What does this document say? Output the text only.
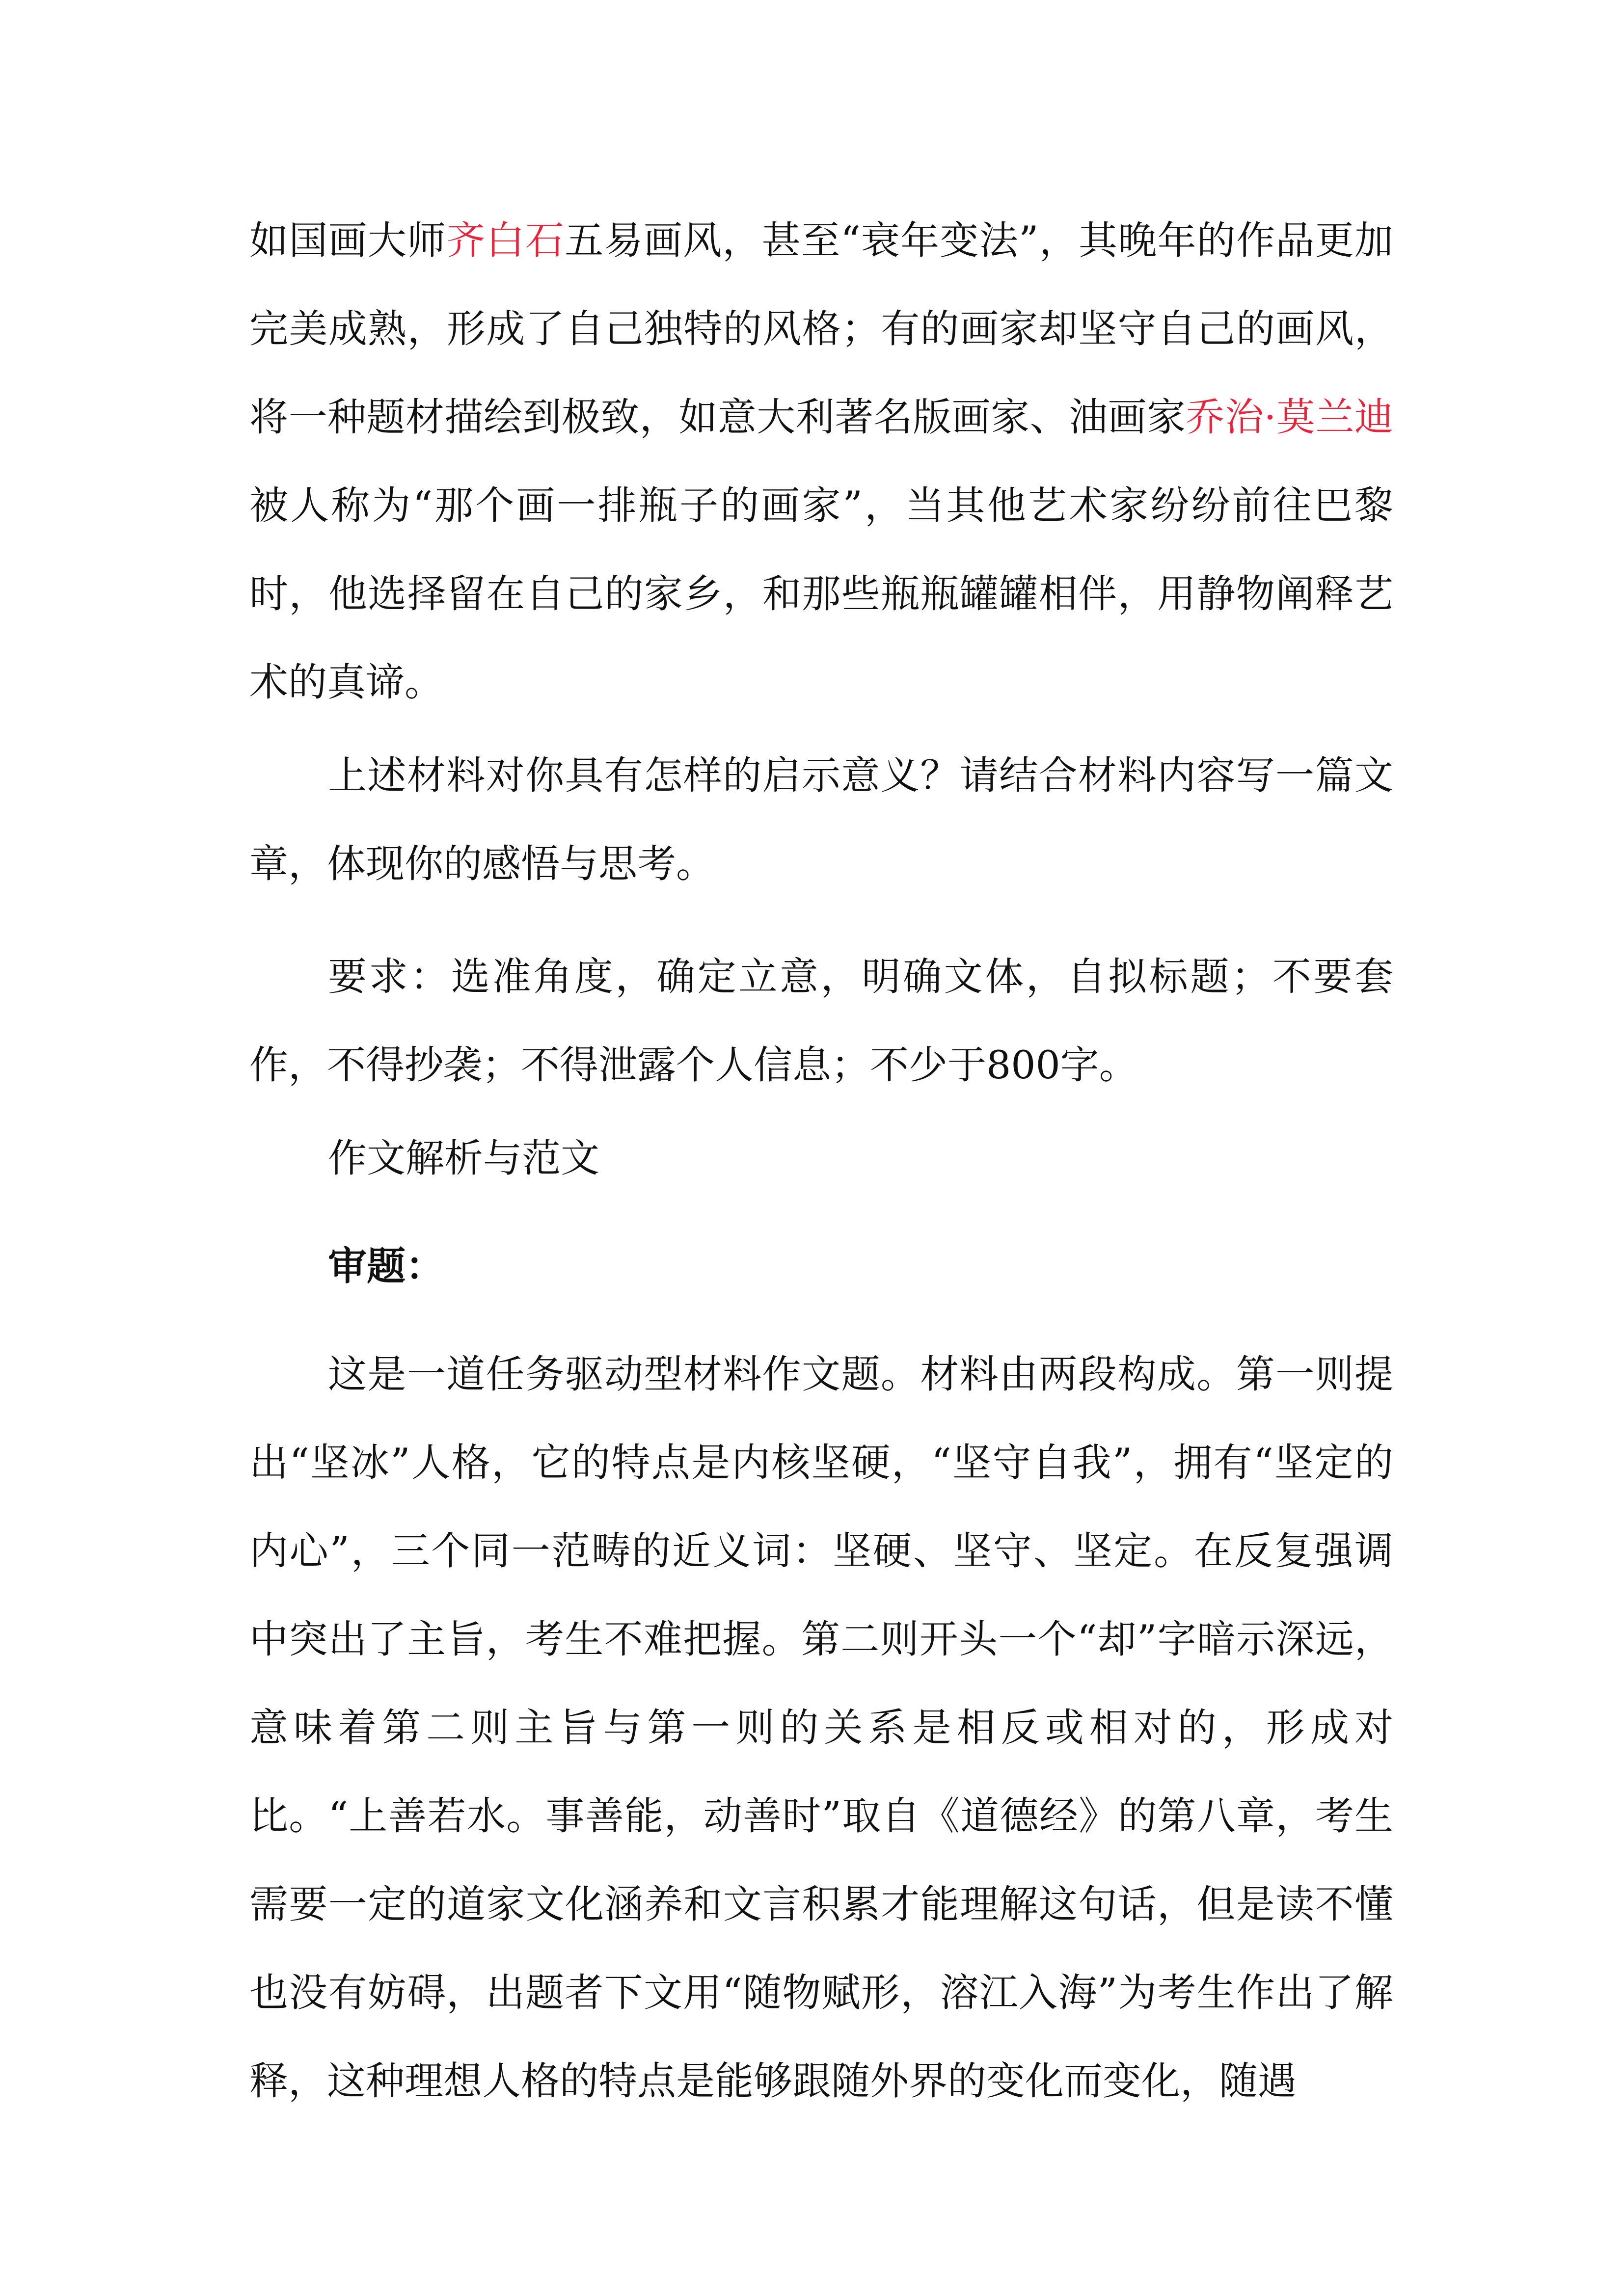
如国画大师齐白石五易画风，甚至“衰年变法”，其晚年的作品更加完美成熟，形成了自己独特的风格；有的画家却坚守自己的画风，将一种题材描绘到极致，如意大利著名版画家、油画家乔治·莫兰迪被人称为“那个画一排瓶子的画家”，当其他艺术家纷纷前往巴黎时，他选择留在自己的家乡，和那些瓶瓶罐罐相伴，用静物阐释艺术的真谛。

上述材料对你具有怎样的启示意义？请结合材料内容写一篇文章，体现你的感悟与思考。

要求：选准角度，确定立意，明确文体，自拟标题；不要套作，不得抄袭；不得泄露个人信息；不少于800字。

作文解析与范文
审题：

这是一道任务驱动型材料作文题。材料由两段构成。第一则提出“坚冰”人格，它的特点是内核坚硬，“坚守自我”，拥有“坚定的内心”，三个同一范畴的近义词：坚硬、坚守、坚定。在反复强调中突出了主旨，考生不难把握。第二则开头一个“却”字暗示深远，意味着第二则主旨与第一则的关系是相反或相对的，形成对比。“上善若水。事善能，动善时”取自《道德经》的第八章，考生需要一定的道家文化涵养和文言积累才能理解这句话，但是读不懂也没有妨碍，出题者下文用“随物赋形，溶江入海”为考生作出了解释，这种理想人格的特点是能够跟随外界的变化而变化，随遇
